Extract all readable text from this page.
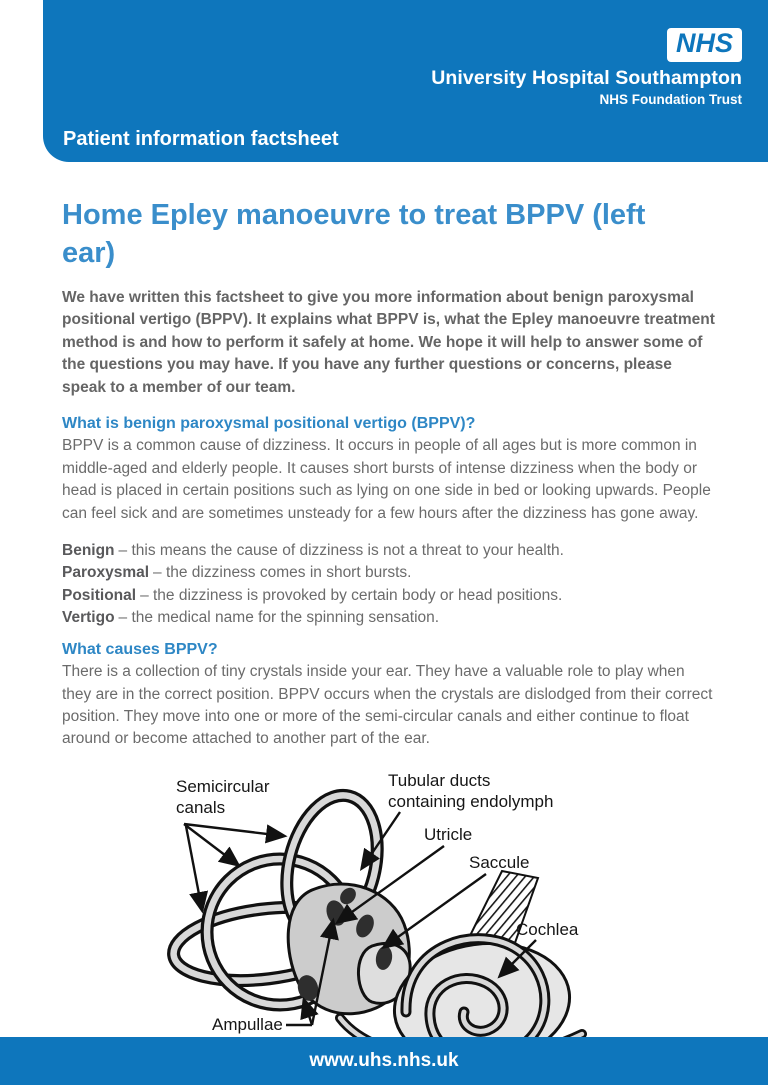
NHS
University Hospital Southampton
NHS Foundation Trust
Patient information factsheet
Home Epley manoeuvre to treat BPPV (left ear)

We have written this factsheet to give you more information about benign paroxysmal positional vertigo (BPPV). It explains what BPPV is, what the Epley manoeuvre treatment method is and how to perform it safely at home. We hope it will help to answer some of the questions you may have. If you have any further questions or concerns, please speak to a member of our team.

What is benign paroxysmal positional vertigo (BPPV)?

BPPV is a common cause of dizziness. It occurs in people of all ages but is more common in middle-aged and elderly people. It causes short bursts of intense dizziness when the body or head is placed in certain positions such as lying on one side in bed or looking upwards. People can feel sick and are sometimes unsteady for a few hours after the dizziness has gone away.

Benign – this means the cause of dizziness is not a threat to your health.
Paroxysmal – the dizziness comes in short bursts.
Positional – the dizziness is provoked by certain body or head positions.
Vertigo – the medical name for the spinning sensation.
What causes BPPV?

There is a collection of tiny crystals inside your ear. They have a valuable role to play when they are in the correct position. BPPV occurs when the crystals are dislodged from their correct position. They move into one or more of the semi-circular canals and either continue to float around or become attached to another part of the ear.

Semicircular canals
Tubular ducts containing endolymph
Utricle
Saccule
Cochlea
Ampullae
www.uhs.nhs.uk
